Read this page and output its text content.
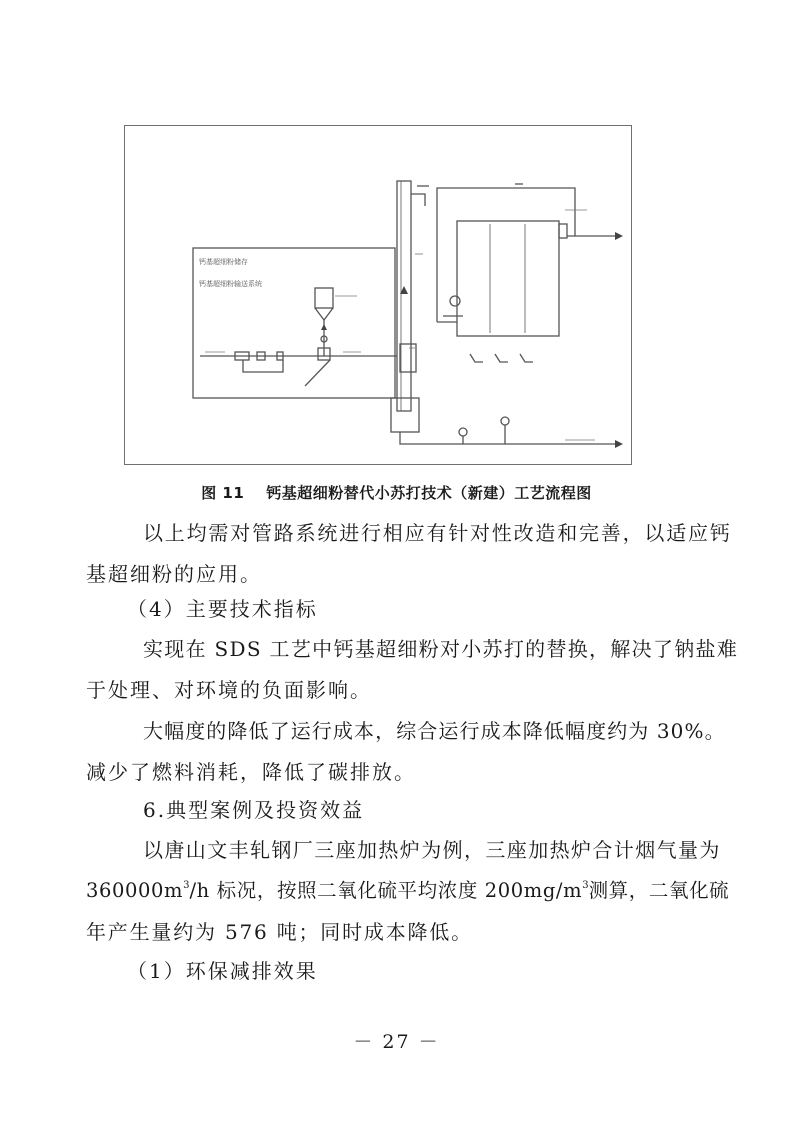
钙基超细粉储存
钙基超细粉输送系统
图 11 钙基超细粉替代小苏打技术（新建）工艺流程图
以上均需对管路系统进行相应有针对性改造和完善，以适应钙
基超细粉的应用。
（4）主要技术指标
实现在 SDS 工艺中钙基超细粉对小苏打的替换，解决了钠盐难
于处理、对环境的负面影响。
大幅度的降低了运行成本，综合运行成本降低幅度约为 30%。
减少了燃料消耗，降低了碳排放。
6.典型案例及投资效益
以唐山文丰轧钢厂三座加热炉为例，三座加热炉合计烟气量为
$360000m^3/h$ 标况，按照二氧化硫平均浓度 $200mg/m^3$测算，二氧化硫
年产生量约为 576 吨；同时成本降低。
（1）环保减排效果
－ 27 －
